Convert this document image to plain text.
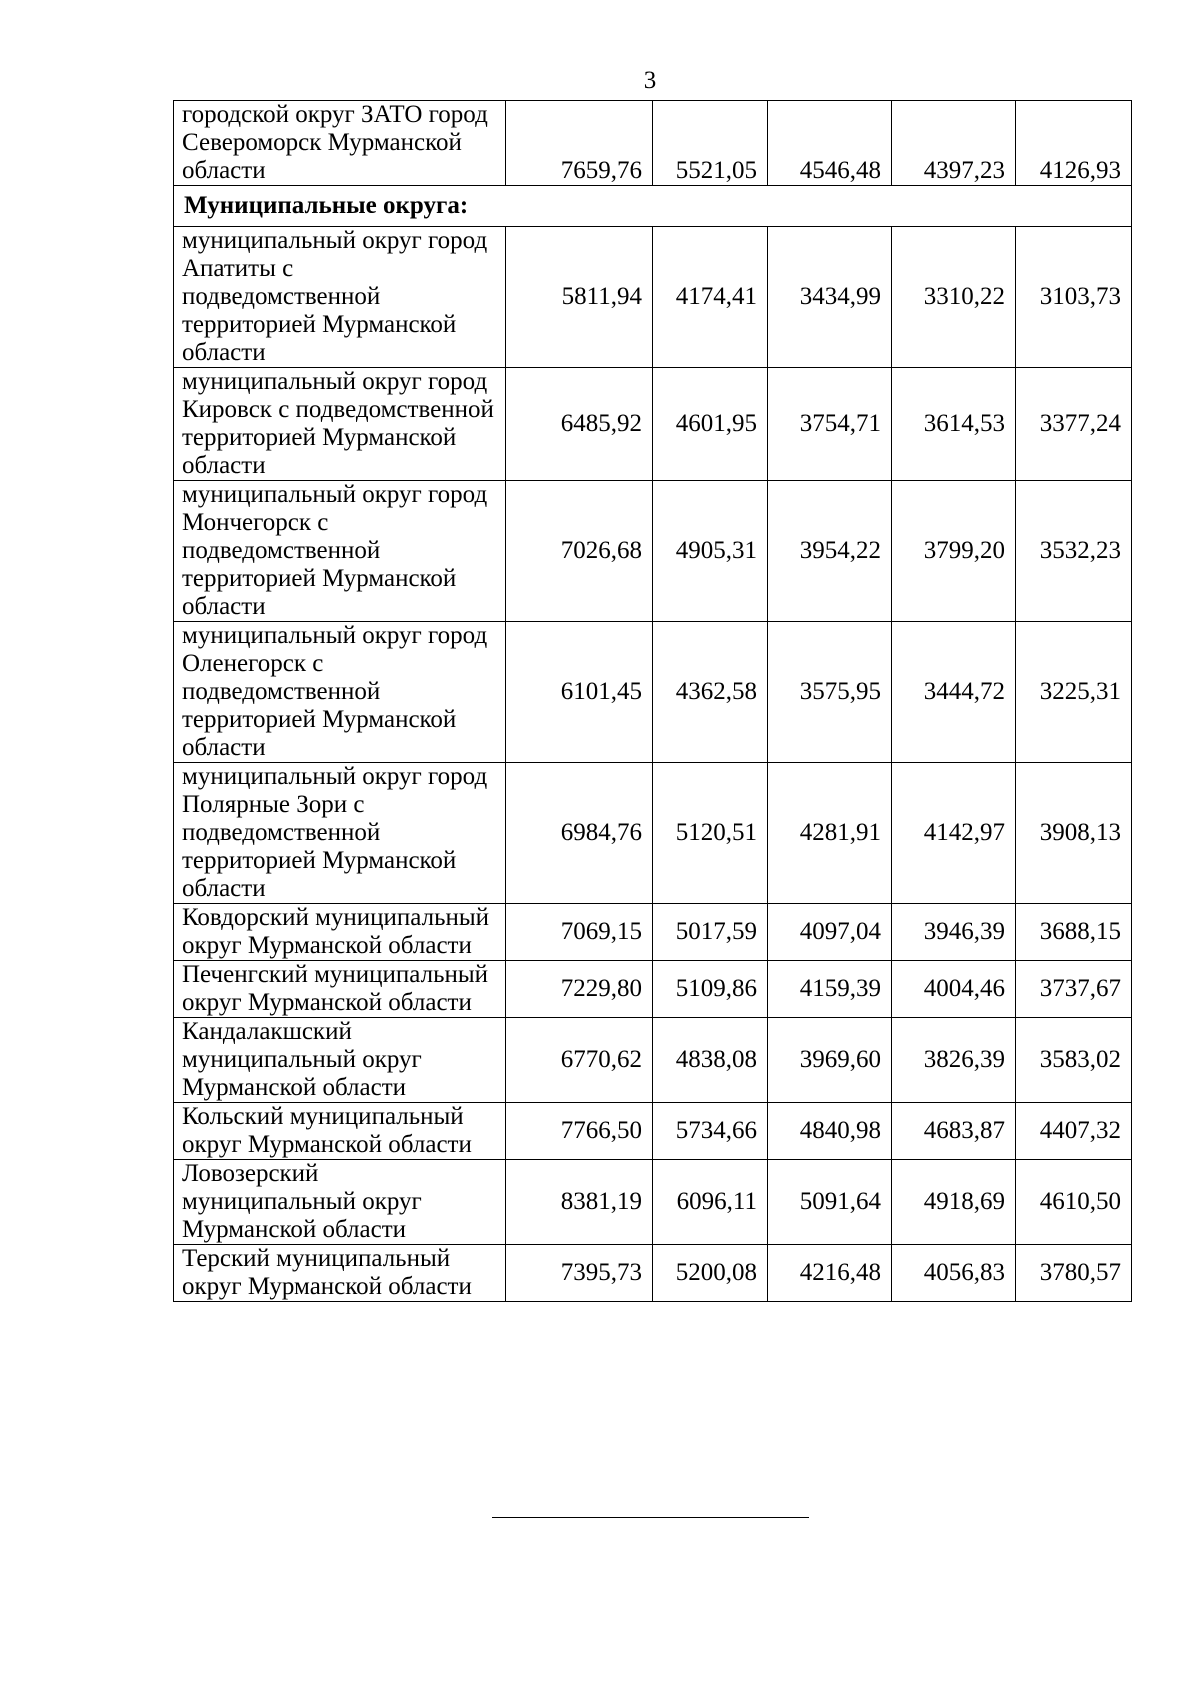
3
городской округ ЗАТО город Североморск Мурманской области	7659,76	5521,05	4546,48	4397,23	4126,93
Муниципальные округа:					
муниципальный округ город Апатиты с подведомственной территорией Мурманской области	5811,94	4174,41	3434,99	3310,22	3103,73
муниципальный округ город Кировск с подведомственной территорией Мурманской области	6485,92	4601,95	3754,71	3614,53	3377,24
муниципальный округ город Мончегорск с подведомственной территорией Мурманской области	7026,68	4905,31	3954,22	3799,20	3532,23
муниципальный округ город Оленегорск с подведомственной территорией Мурманской области	6101,45	4362,58	3575,95	3444,72	3225,31
муниципальный округ город Полярные Зори с подведомственной территорией Мурманской области	6984,76	5120,51	4281,91	4142,97	3908,13
Ковдорский муниципальный округ Мурманской области	7069,15	5017,59	4097,04	3946,39	3688,15
Печенгский муниципальный округ Мурманской области	7229,80	5109,86	4159,39	4004,46	3737,67
Кандалакшский муниципальный округ Мурманской области	6770,62	4838,08	3969,60	3826,39	3583,02
Кольский муниципальный округ Мурманской области	7766,50	5734,66	4840,98	4683,87	4407,32
Ловозерский муниципальный округ Мурманской области	8381,19	6096,11	5091,64	4918,69	4610,50
Терский муниципальный округ Мурманской области	7395,73	5200,08	4216,48	4056,83	3780,57
